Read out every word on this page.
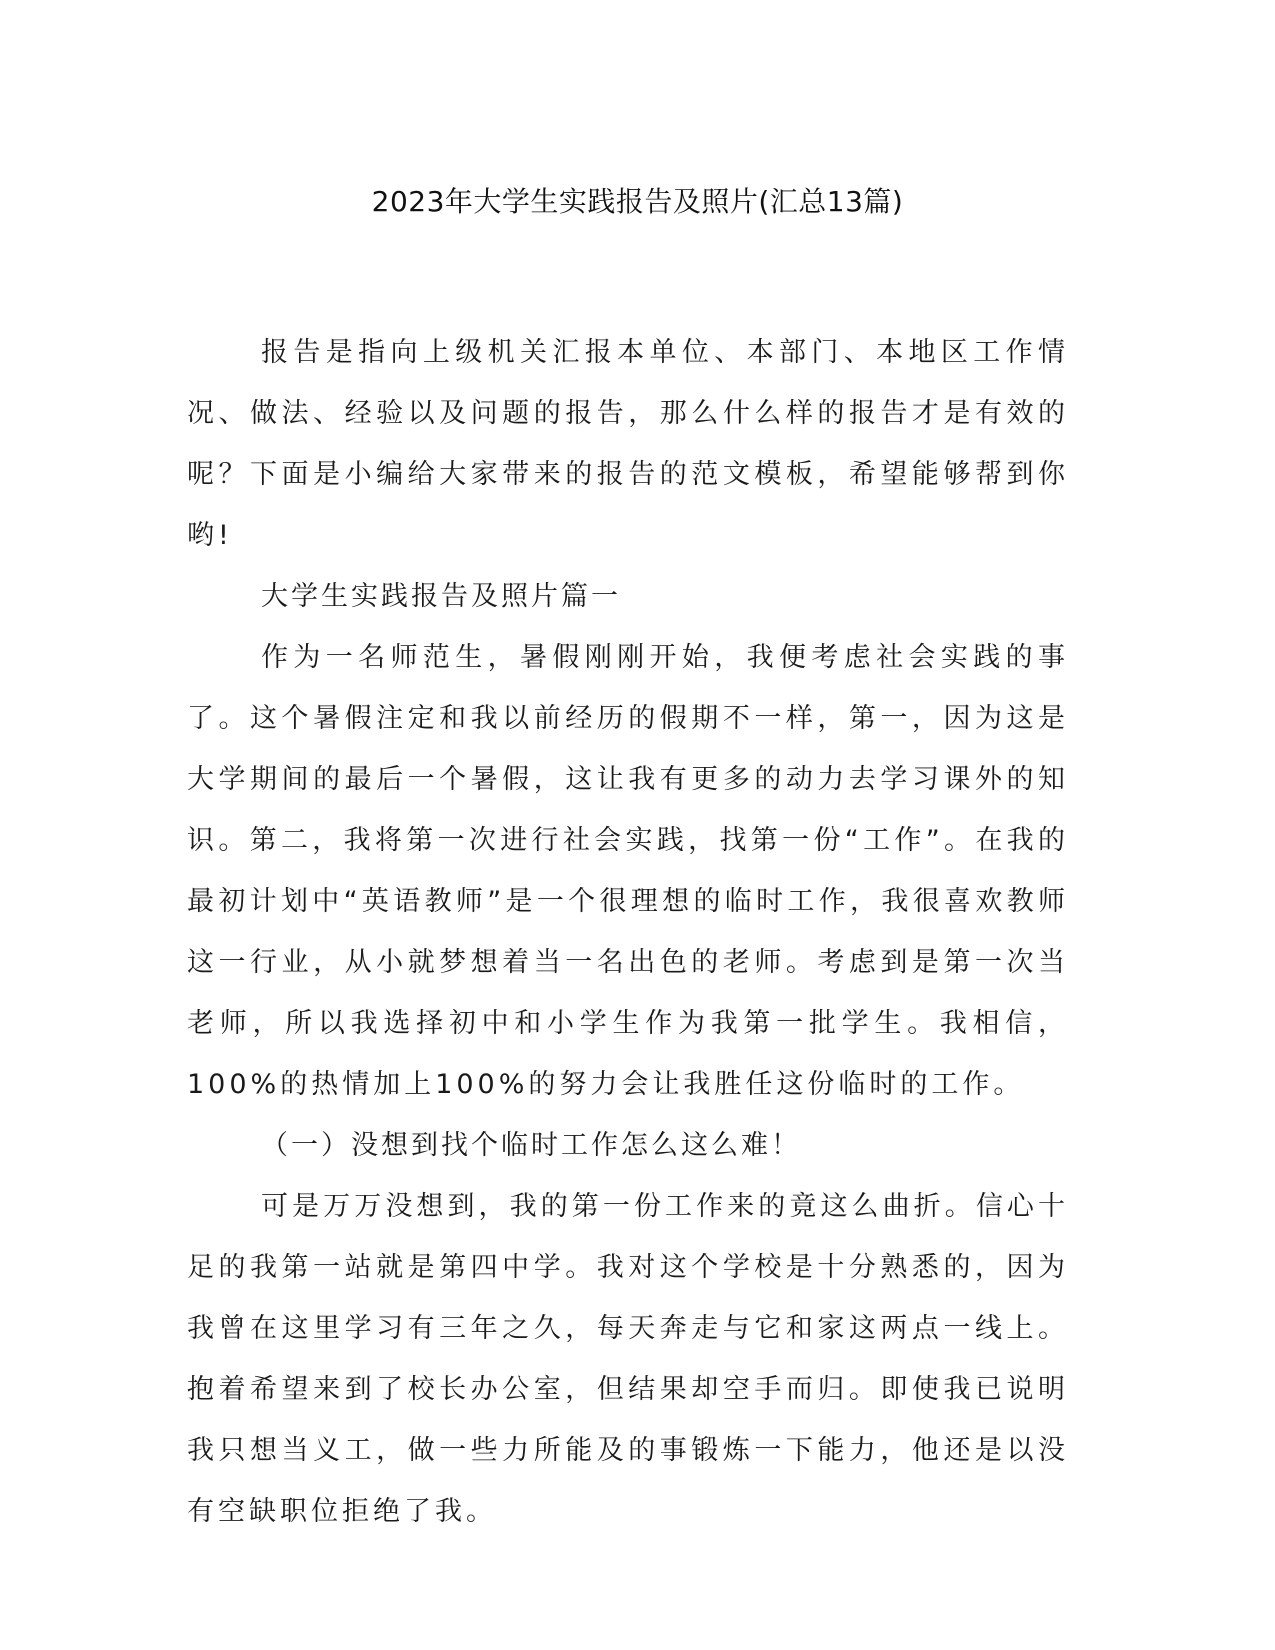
2023年大学生实践报告及照片(汇总13篇)

报告是指向上级机关汇报本单位、本部门、本地区工作情况、做法、经验以及问题的报告，那么什么样的报告才是有效的呢？下面是小编给大家带来的报告的范文模板，希望能够帮到你哟!

大学生实践报告及照片篇一

作为一名师范生，暑假刚刚开始，我便考虑社会实践的事了。这个暑假注定和我以前经历的假期不一样，第一，因为这是大学期间的最后一个暑假，这让我有更多的动力去学习课外的知识。第二，我将第一次进行社会实践，找第一份“工作”。在我的最初计划中“英语教师”是一个很理想的临时工作，我很喜欢教师这一行业，从小就梦想着当一名出色的老师。考虑到是第一次当老师，所以我选择初中和小学生作为我第一批学生。我相信，100%的热情加上100%的努力会让我胜任这份临时的工作。

（一）没想到找个临时工作怎么这么难！

可是万万没想到，我的第一份工作来的竟这么曲折。信心十足的我第一站就是第四中学。我对这个学校是十分熟悉的，因为我曾在这里学习有三年之久，每天奔走与它和家这两点一线上。抱着希望来到了校长办公室，但结果却空手而归。即使我已说明我只想当义工，做一些力所能及的事锻炼一下能力，他还是以没有空缺职位拒绝了我。
